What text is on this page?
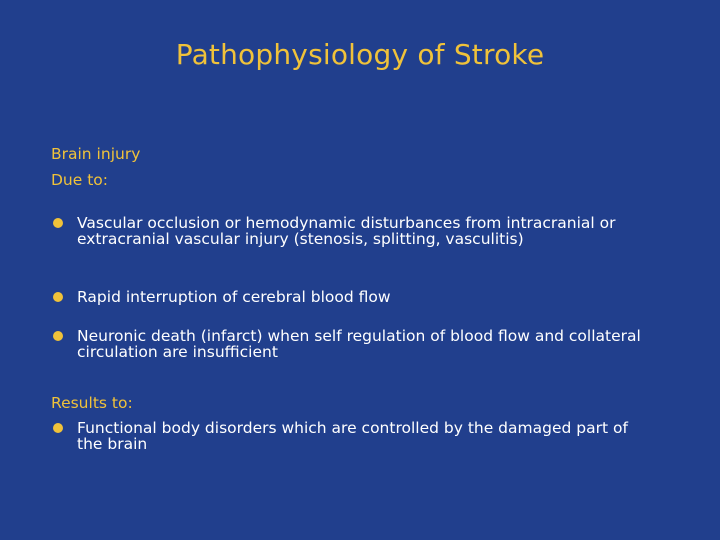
Pathophysiology of Stroke

Brain injury

Due to:

Vascular occlusion or hemodynamic disturbances from intracranial or extracranial vascular injury (stenosis, splitting, vasculitis)
Rapid interruption of cerebral blood flow
Neuronic death (infarct) when self regulation of blood flow and collateral circulation are insufficient

Results to:

Functional body disorders which are controlled by the damaged part of the brain
